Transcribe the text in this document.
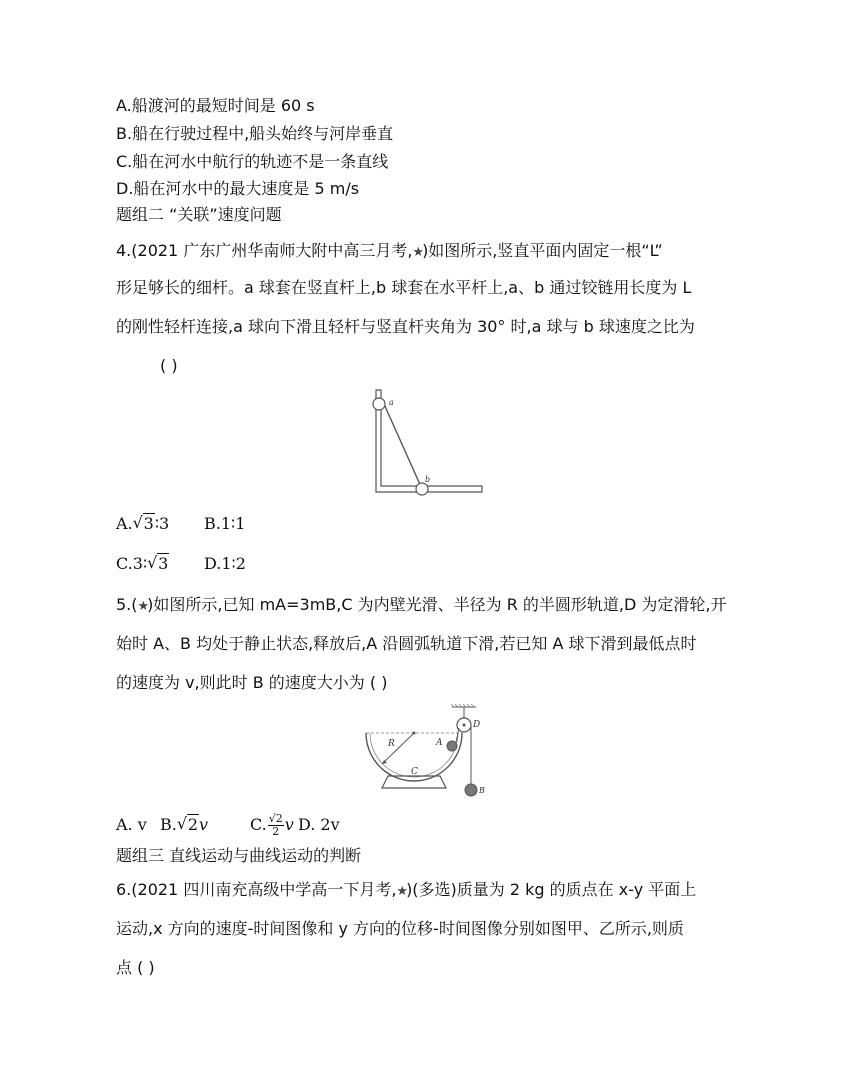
A.船渡河的最短时间是 60 s
B.船在行驶过程中,船头始终与河岸垂直
C.船在河水中航行的轨迹不是一条直线
D.船在河水中的最大速度是 5 m/s
题组二 “关联”速度问题
4.(2021 广东广州华南师大附中高三月考,★)如图所示,竖直平面内固定一根“L”
形足够长的细杆。a 球套在竖直杆上,b 球套在水平杆上,a、b 通过铰链用长度为 L
的刚性轻杆连接,a 球向下滑且轻杆与竖直杆夹角为 30° 时,a 球与 b 球速度之比为
( )
a
b
A. √ 3∶3 B.1∶1
C.3∶ √ 3 D.1∶2
5.(★)如图所示,已知 mA=3mB,C 为内壁光滑、半径为 R 的半圆形轨道,D 为定滑轮,开
始时 A、B 均处于静止状态,释放后,A 沿圆弧轨道下滑,若已知 A 球下滑到最低点时
的速度为 v,则此时 B 的速度大小为 ( )
R	A
C
D
B
A. v B. √ 2v	C. $\frac{√2}{2}$ v D. 2v
题组三 直线运动与曲线运动的判断
6.(2021 四川南充高级中学高一下月考,★)(多选)质量为 2 kg 的质点在 x-y 平面上
运动,x 方向的速度-时间图像和 y 方向的位移-时间图像分别如图甲、乙所示,则质
点 ( )
